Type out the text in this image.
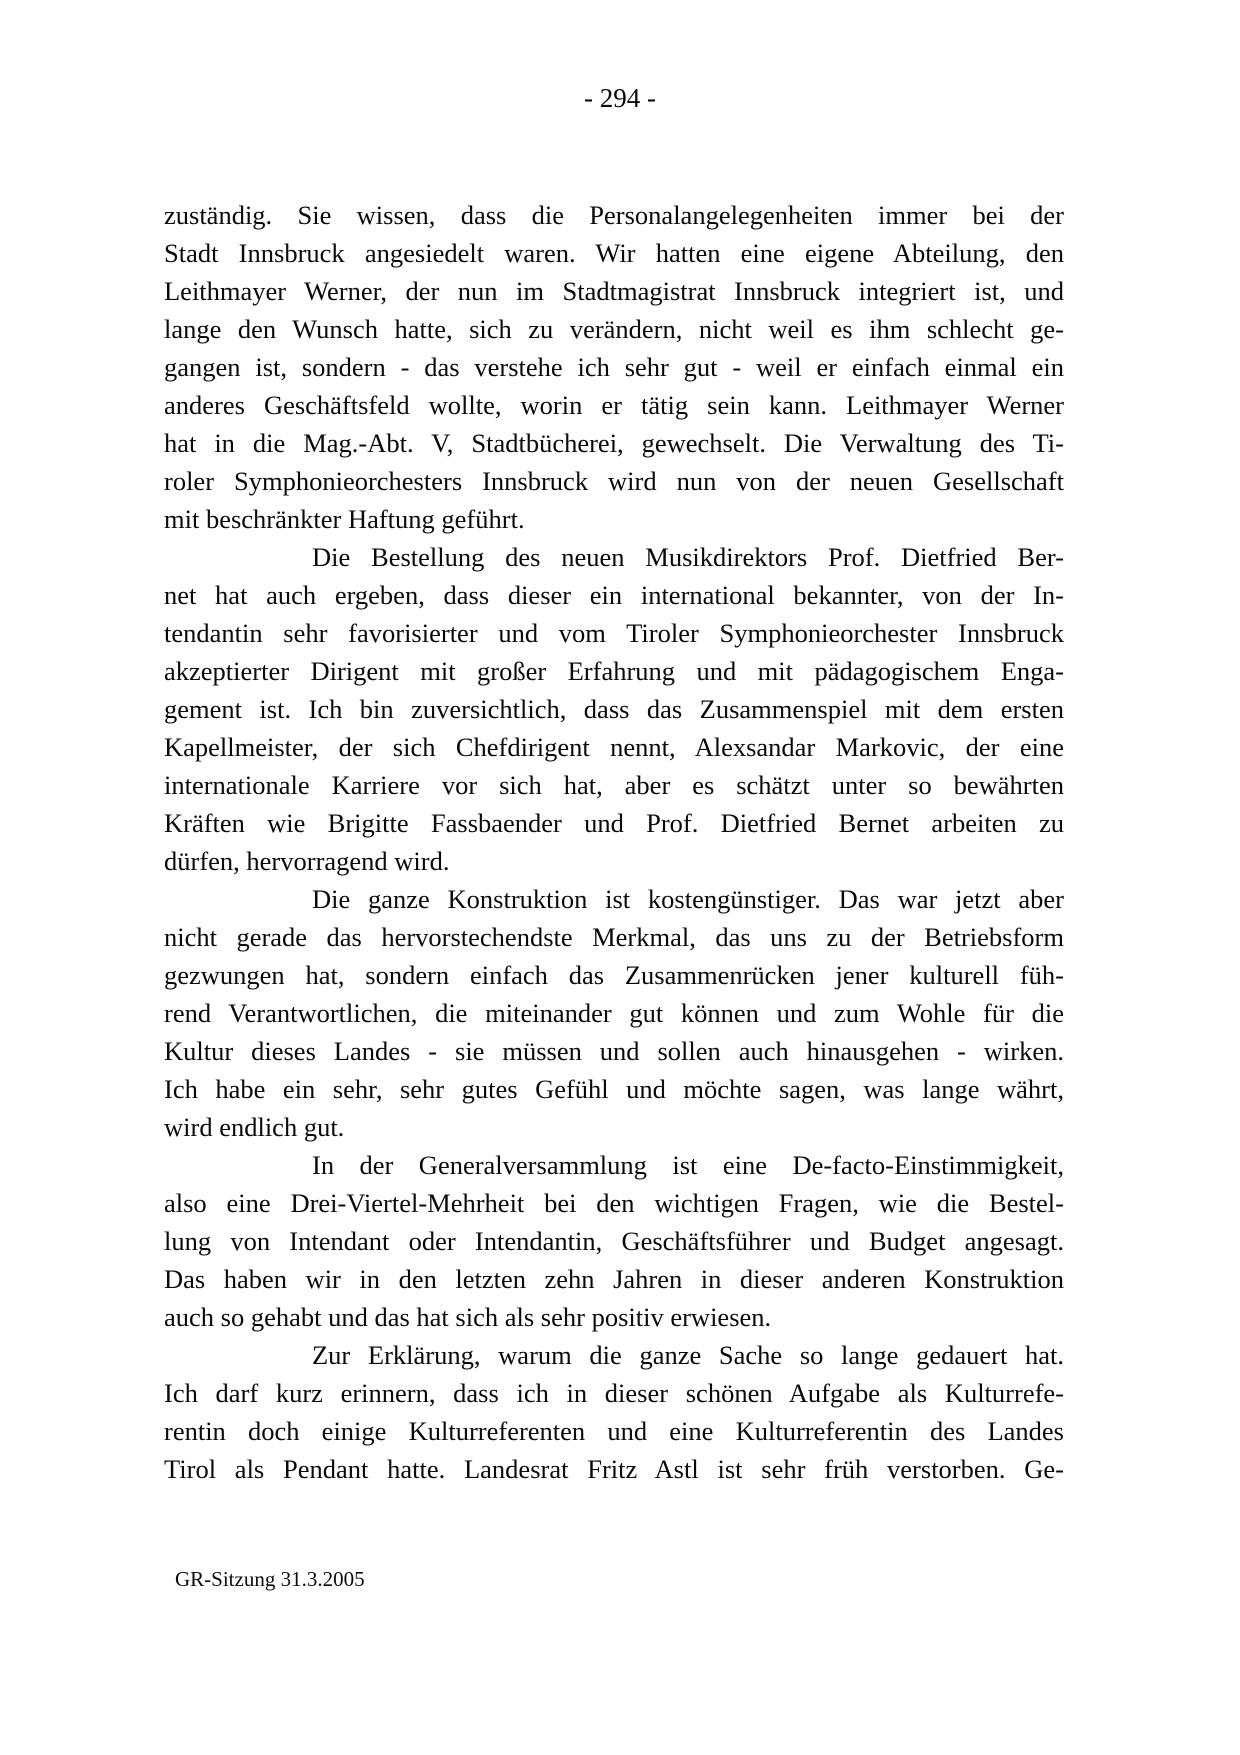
- 294 -
zuständig. Sie wissen, dass die Personalangelegenheiten immer bei der
Stadt Innsbruck angesiedelt waren. Wir hatten eine eigene Abteilung, den
Leithmayer Werner, der nun im Stadtmagistrat Innsbruck integriert ist, und
lange den Wunsch hatte, sich zu verändern, nicht weil es ihm schlecht ge-
gangen ist, sondern - das verstehe ich sehr gut - weil er einfach einmal ein
anderes Geschäftsfeld wollte, worin er tätig sein kann. Leithmayer Werner
hat in die Mag.-Abt. V, Stadtbücherei, gewechselt. Die Verwaltung des Ti-
roler Symphonieorchesters Innsbruck wird nun von der neuen Gesellschaft
mit beschränkter Haftung geführt.
Die Bestellung des neuen Musikdirektors Prof. Dietfried Ber-
net hat auch ergeben, dass dieser ein international bekannter, von der In-
tendantin sehr favorisierter und vom Tiroler Symphonieorchester Innsbruck
akzeptierter Dirigent mit großer Erfahrung und mit pädagogischem Enga-
gement ist. Ich bin zuversichtlich, dass das Zusammenspiel mit dem ersten
Kapellmeister, der sich Chefdirigent nennt, Alexsandar Markovic, der eine
internationale Karriere vor sich hat, aber es schätzt unter so bewährten
Kräften wie Brigitte Fassbaender und Prof. Dietfried Bernet arbeiten zu
dürfen, hervorragend wird.
Die ganze Konstruktion ist kostengünstiger. Das war jetzt aber
nicht gerade das hervorstechendste Merkmal, das uns zu der Betriebsform
gezwungen hat, sondern einfach das Zusammenrücken jener kulturell füh-
rend Verantwortlichen, die miteinander gut können und zum Wohle für die
Kultur dieses Landes - sie müssen und sollen auch hinausgehen - wirken.
Ich habe ein sehr, sehr gutes Gefühl und möchte sagen, was lange währt,
wird endlich gut.
In der Generalversammlung ist eine De-facto-Einstimmigkeit,
also eine Drei-Viertel-Mehrheit bei den wichtigen Fragen, wie die Bestel-
lung von Intendant oder Intendantin, Geschäftsführer und Budget angesagt.
Das haben wir in den letzten zehn Jahren in dieser anderen Konstruktion
auch so gehabt und das hat sich als sehr positiv erwiesen.
Zur Erklärung, warum die ganze Sache so lange gedauert hat.
Ich darf kurz erinnern, dass ich in dieser schönen Aufgabe als Kulturrefe-
rentin doch einige Kulturreferenten und eine Kulturreferentin des Landes
Tirol als Pendant hatte. Landesrat Fritz Astl ist sehr früh verstorben. Ge-
GR-Sitzung 31.3.2005
